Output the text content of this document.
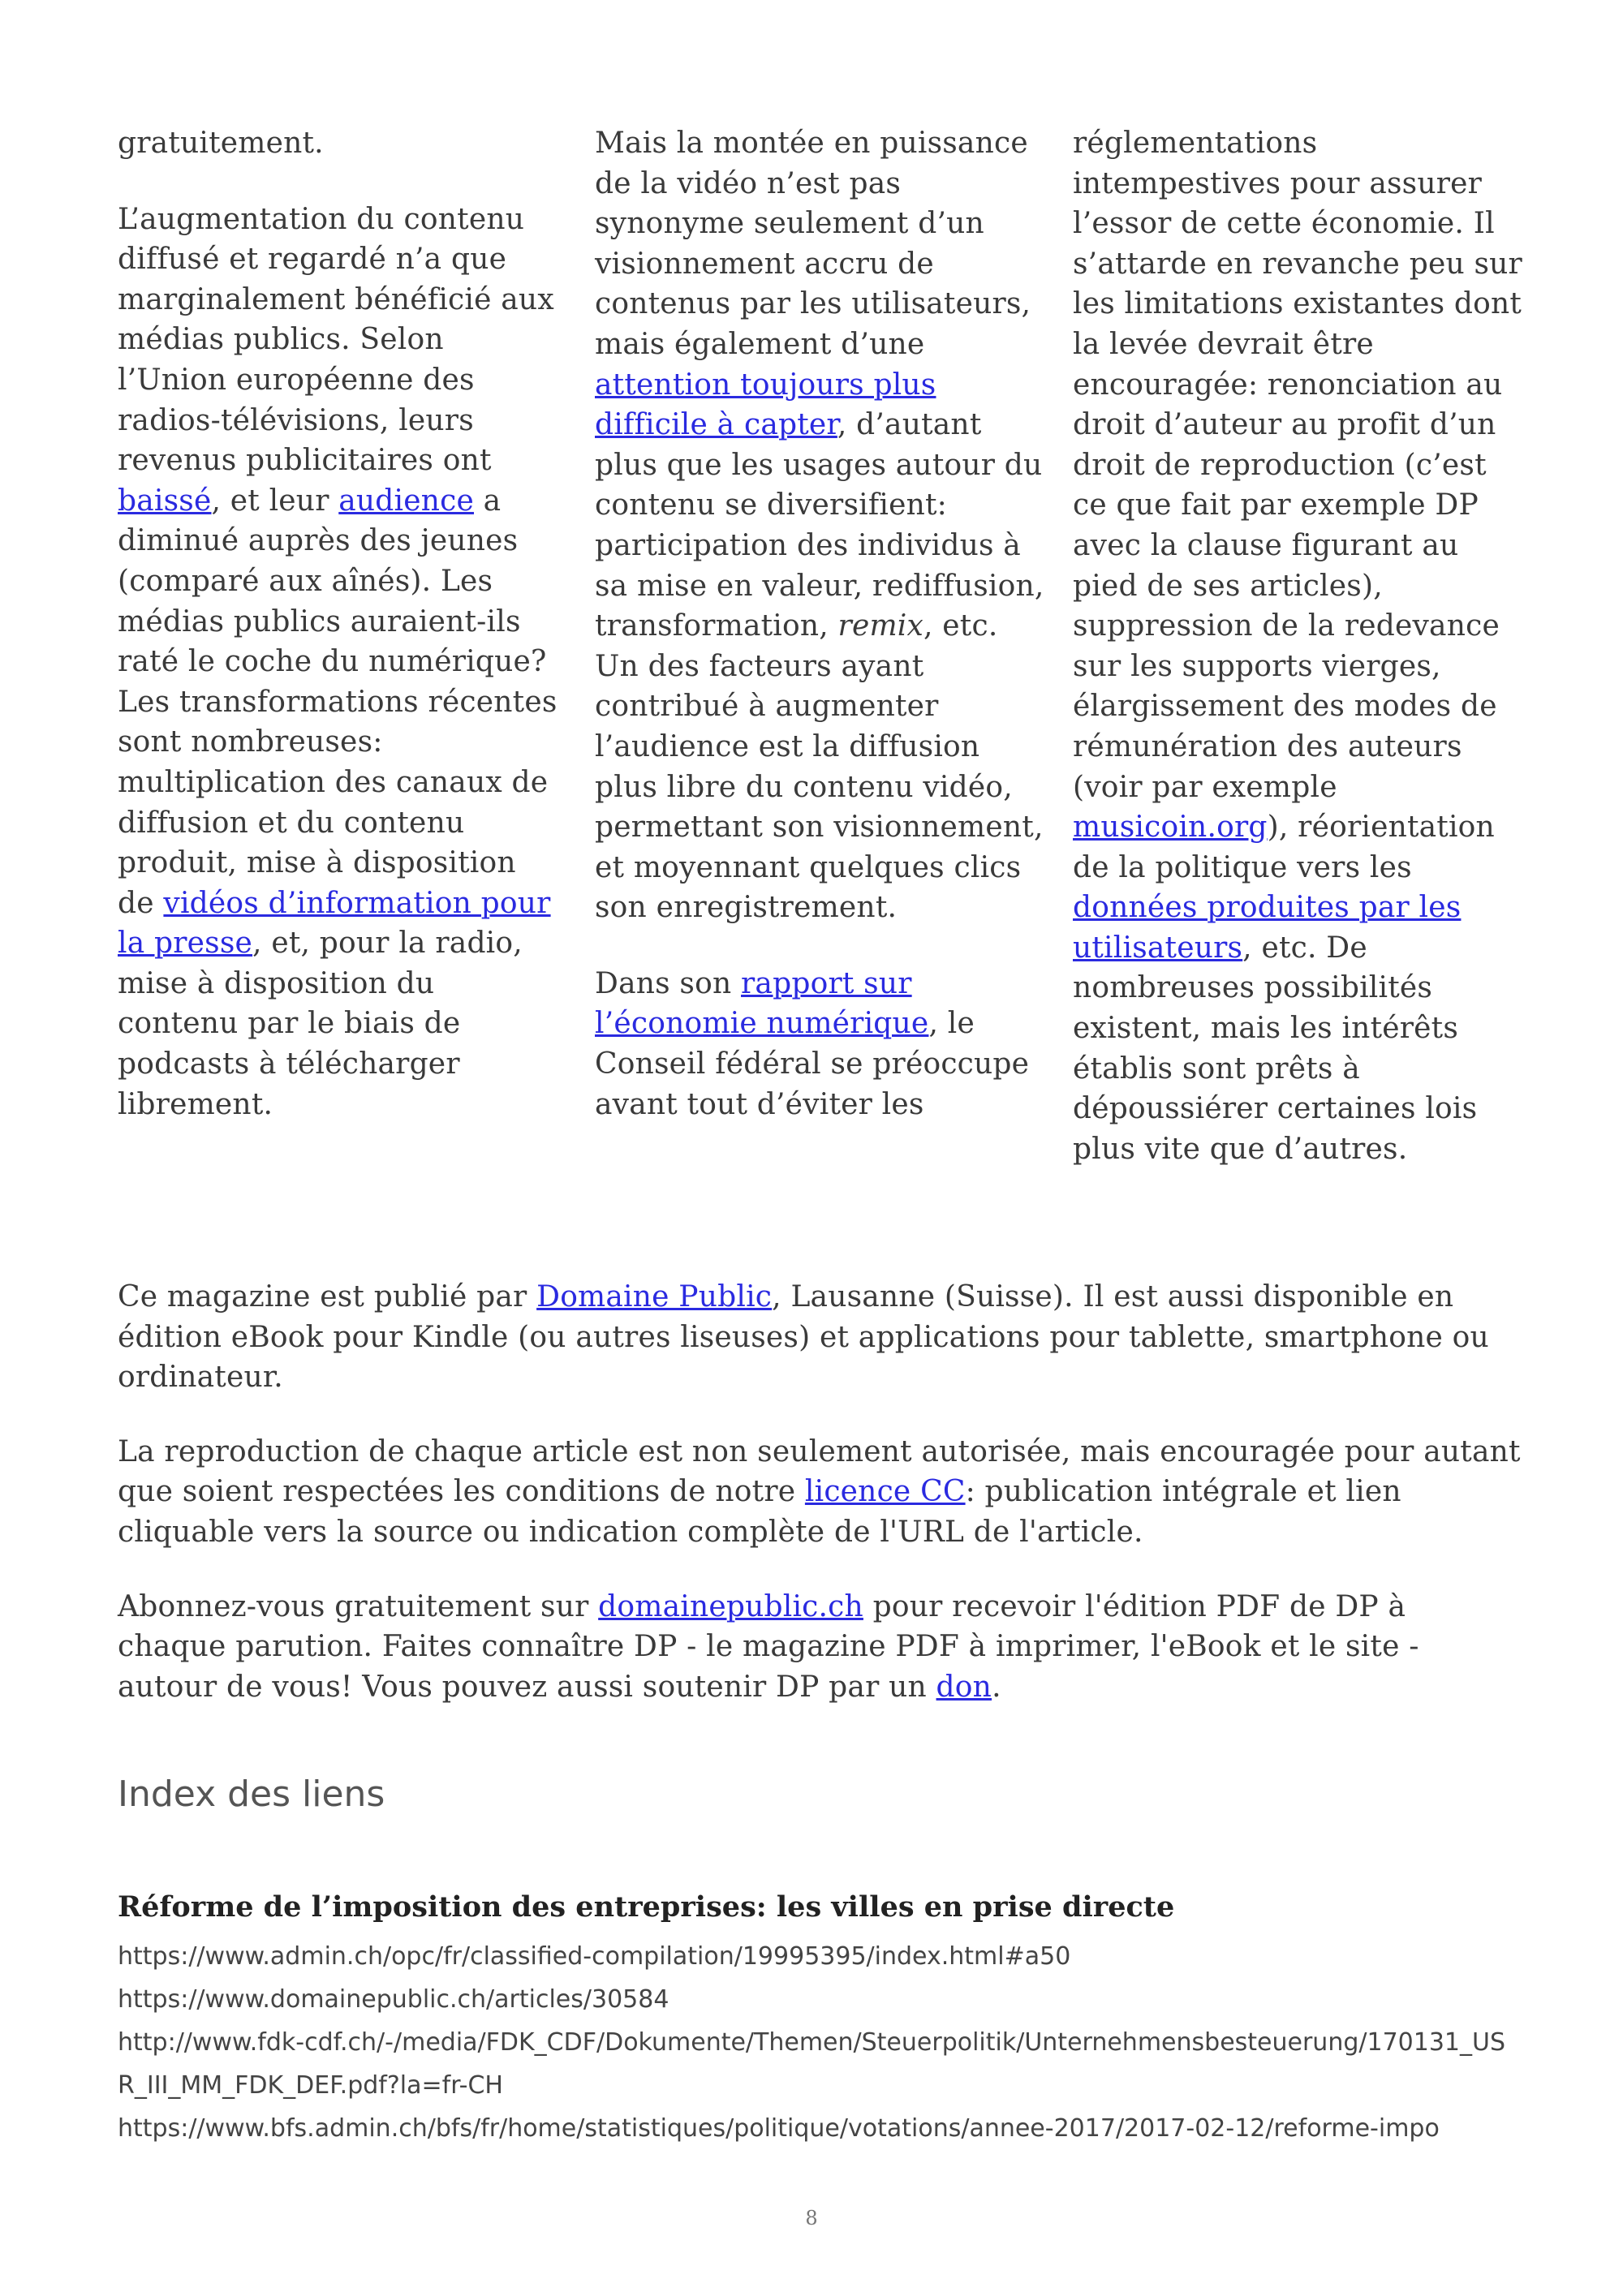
gratuitement.

L’augmentation du contenu diffusé et regardé n’a que marginalement bénéficié aux médias publics. Selon l’Union européenne des radios-télévisions, leurs revenus publicitaires ont baissé, et leur audience a diminué auprès des jeunes (comparé aux aînés). Les médias publics auraient-ils raté le coche du numérique? Les transformations récentes sont nombreuses: multiplication des canaux de diffusion et du contenu produit, mise à disposition de vidéos d’information pour la presse, et, pour la radio, mise à disposition du contenu par le biais de podcasts à télécharger librement.

Mais la montée en puissance de la vidéo n’est pas synonyme seulement d’un visionnement accru de contenus par les utilisateurs, mais également d’une attention toujours plus difficile à capter, d’autant plus que les usages autour du contenu se diversifient: participation des individus à sa mise en valeur, rediffusion, transformation, remix, etc. Un des facteurs ayant contribué à augmenter l’audience est la diffusion plus libre du contenu vidéo, permettant son visionnement, et moyennant quelques clics son enregistrement.

Dans son rapport sur l’économie numérique, le Conseil fédéral se préoccupe avant tout d’éviter les

réglementations intempestives pour assurer l’essor de cette économie. Il s’attarde en revanche peu sur les limitations existantes dont la levée devrait être encouragée: renonciation au droit d’auteur au profit d’un droit de reproduction (c’est ce que fait par exemple DP avec la clause figurant au pied de ses articles), suppression de la redevance sur les supports vierges, élargissement des modes de rémunération des auteurs (voir par exemple musicoin.org), réorientation de la politique vers les données produites par les utilisateurs, etc. De nombreuses possibilités existent, mais les intérêts établis sont prêts à dépoussiérer certaines lois plus vite que d’autres.

Ce magazine est publié par Domaine Public, Lausanne (Suisse). Il est aussi disponible en édition eBook pour Kindle (ou autres liseuses) et applications pour tablette, smartphone ou ordinateur.

La reproduction de chaque article est non seulement autorisée, mais encouragée pour autant que soient respectées les conditions de notre licence CC: publication intégrale et lien cliquable vers la source ou indication complète de l'URL de l'article.

Abonnez-vous gratuitement sur domainepublic.ch pour recevoir l'édition PDF de DP à chaque parution. Faites connaître DP - le magazine PDF à imprimer, l'eBook et le site - autour de vous! Vous pouvez aussi soutenir DP par un don.

Index des liens
Réforme de l’imposition des entreprises: les villes en prise directe
https://www.admin.ch/opc/fr/classified-compilation/19995395/index.html#a50
https://www.domainepublic.ch/articles/30584
http://www.fdk-cdf.ch/-/media/FDK_CDF/Dokumente/Themen/Steuerpolitik/Unternehmensbesteuerung/170131_USR_III_MM_FDK_DEF.pdf?la=fr-CH
https://www.bfs.admin.ch/bfs/fr/home/statistiques/politique/votations/annee-2017/2017-02-12/reforme-impo
8
